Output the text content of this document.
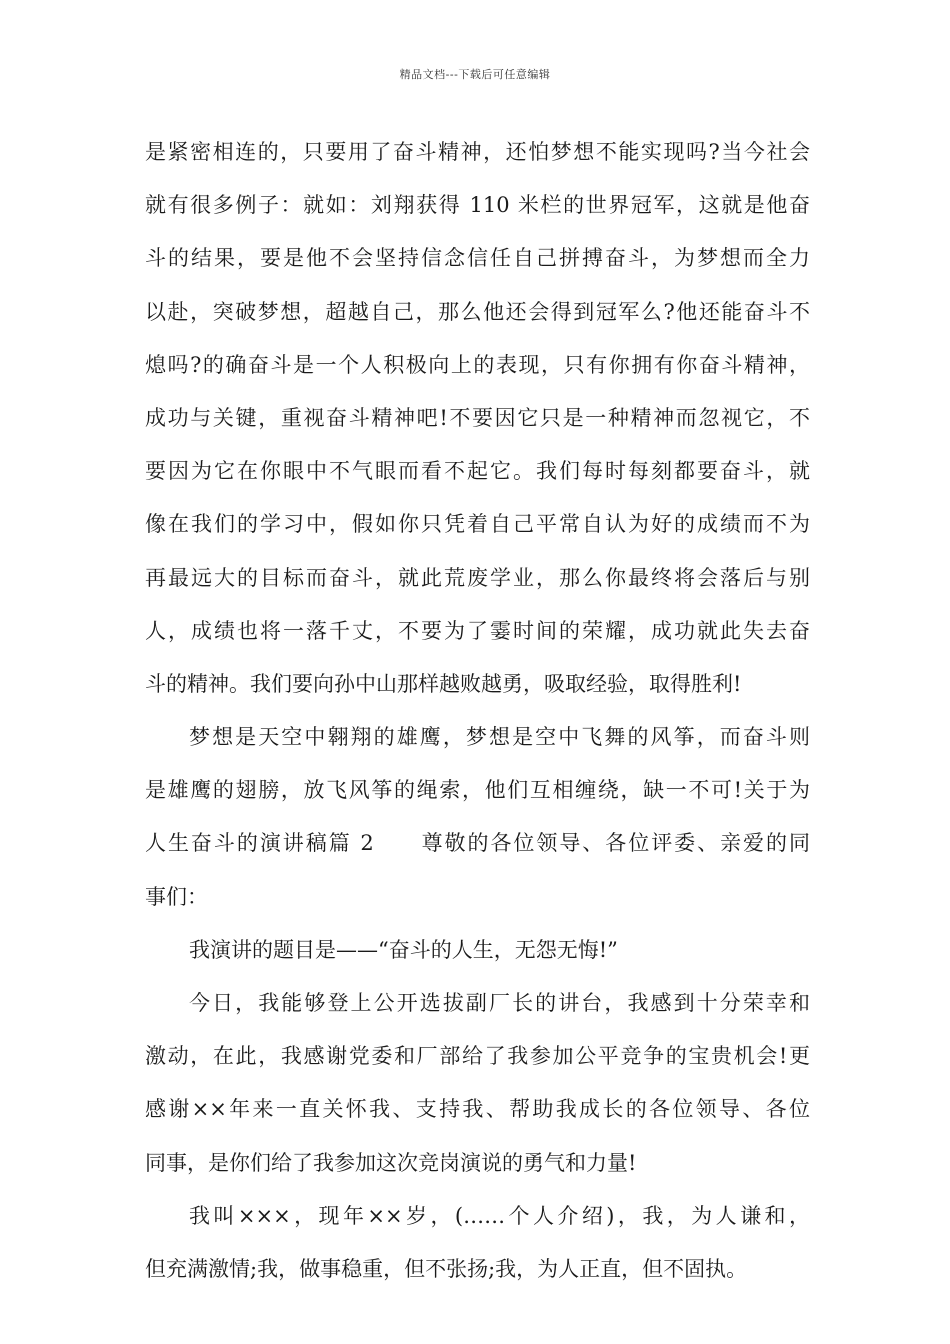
精品文档---下载后可任意编辑
是紧密相连的，只要用了奋斗精神，还怕梦想不能实现吗?当今社会
就有很多例子：就如：刘翔获得 110 米栏的世界冠军，这就是他奋
斗的结果，要是他不会坚持信念信任自己拼搏奋斗，为梦想而全力
以赴，突破梦想，超越自己，那么他还会得到冠军么?他还能奋斗不
熄吗?的确奋斗是一个人积极向上的表现，只有你拥有你奋斗精神，
成功与关键，重视奋斗精神吧!不要因它只是一种精神而忽视它，不
要因为它在你眼中不气眼而看不起它。我们每时每刻都要奋斗，就
像在我们的学习中，假如你只凭着自己平常自认为好的成绩而不为
再最远大的目标而奋斗，就此荒废学业，那么你最终将会落后与别
人，成绩也将一落千丈，不要为了霎时间的荣耀，成功就此失去奋
斗的精神。我们要向孙中山那样越败越勇，吸取经验，取得胜利!
梦想是天空中翱翔的雄鹰，梦想是空中飞舞的风筝，而奋斗则
是雄鹰的翅膀，放飞风筝的绳索，他们互相缠绕，缺一不可!关于为
人生奋斗的演讲稿篇 2　　尊敬的各位领导、各位评委、亲爱的同
事们：
我演讲的题目是——“奋斗的人生，无怨无悔!”
今日，我能够登上公开选拔副厂长的讲台，我感到十分荣幸和
激动，在此，我感谢党委和厂部给了我参加公平竞争的宝贵机会!更
感谢××年来一直关怀我、支持我、帮助我成长的各位领导、各位
同事，是你们给了我参加这次竞岗演说的勇气和力量!
我叫×××，现年××岁，(……个人介绍)，我，为人谦和，
但充满激情;我，做事稳重，但不张扬;我，为人正直，但不固执。
